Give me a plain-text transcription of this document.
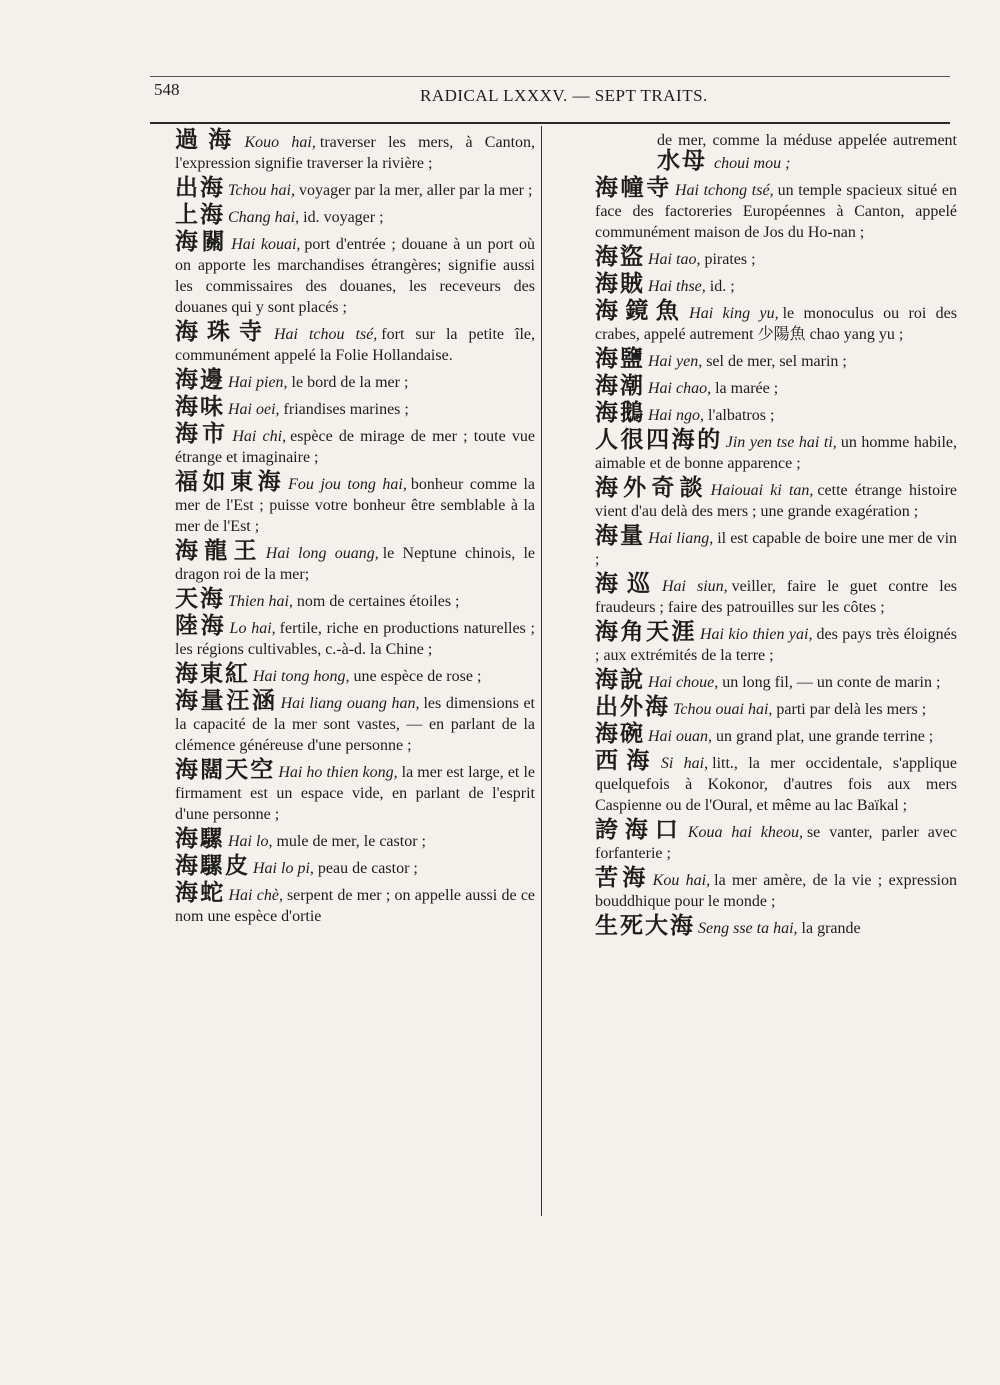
548	RADICAL LXXXV. — SEPT TRAITS.

過海 Kouo hai, traverser les mers, à Canton, l'expression signifie traverser la rivière ;

出海 Tchou hai, voyager par la mer, aller par la mer ;

上海 Chang hai, id. voyager ;

海關 Hai kouai, port d'entrée ; douane à un port où on apporte les marchandises étrangères; signifie aussi les commissaires des douanes, les receveurs des douanes qui y sont placés ;

海珠寺 Hai tchou tsé, fort sur la petite île, communément appelé la Folie Hollandaise.

海邊 Hai pien, le bord de la mer ;

海味 Hai oei, friandises marines ;

海市 Hai chi, espèce de mirage de mer ; toute vue étrange et imaginaire ;

福如東海 Fou jou tong hai, bonheur comme la mer de l'Est ; puisse votre bonheur être semblable à la mer de l'Est ;

海龍王 Hai long ouang, le Neptune chinois, le dragon roi de la mer;

天海 Thien hai, nom de certaines étoiles ;

陸海 Lo hai, fertile, riche en productions naturelles ; les régions cultivables, c.-à-d. la Chine ;

海東紅 Hai tong hong, une espèce de rose ;

海量汪涵 Hai liang ouang han, les dimensions et la capacité de la mer sont vastes, — en parlant de la clémence généreuse d'une personne ;

海闊天空 Hai ho thien kong, la mer est large, et le firmament est un espace vide, en parlant de l'esprit d'une personne ;

海騾 Hai lo, mule de mer, le castor ;

海騾皮 Hai lo pi, peau de castor ;

海蛇 Hai chè, serpent de mer ; on appelle aussi de ce nom une espèce d'ortie

de mer, comme la méduse appelée autrement 水母 choui mou ;

海幢寺 Hai tchong tsé, un temple spacieux situé en face des factoreries Européennes à Canton, appelé communément maison de Jos du Ho-nan ;

海盜 Hai tao, pirates ;

海賊 Hai thse, id. ;

海鏡魚 Hai king yu, le monoculus ou roi des crabes, appelé autrement 少陽魚 chao yang yu ;

海鹽 Hai yen, sel de mer, sel marin ;

海潮 Hai chao, la marée ;

海鵝 Hai ngo, l'albatros ;

人很四海的 Jin yen tse hai ti, un homme habile, aimable et de bonne apparence ;

海外奇談 Haiouai ki tan, cette étrange histoire vient d'au delà des mers ; une grande exagération ;

海量 Hai liang, il est capable de boire une mer de vin ;

海巡 Hai siun, veiller, faire le guet contre les fraudeurs ; faire des patrouilles sur les côtes ;

海角天涯 Hai kio thien yai, des pays très éloignés ; aux extrémités de la terre ;

海說 Hai choue, un long fil, — un conte de marin ;

出外海 Tchou ouai hai, parti par delà les mers ;

海碗 Hai ouan, un grand plat, une grande terrine ;

西海 Si hai, litt., la mer occidentale, s'applique quelquefois à Kokonor, d'autres fois aux mers Caspienne ou de l'Oural, et même au lac Baïkal ;

誇海口 Koua hai kheou, se vanter, parler avec forfanterie ;

苦海 Kou hai, la mer amère, de la vie ; expression bouddhique pour le monde ;

生死大海 Seng sse ta hai, la grande
